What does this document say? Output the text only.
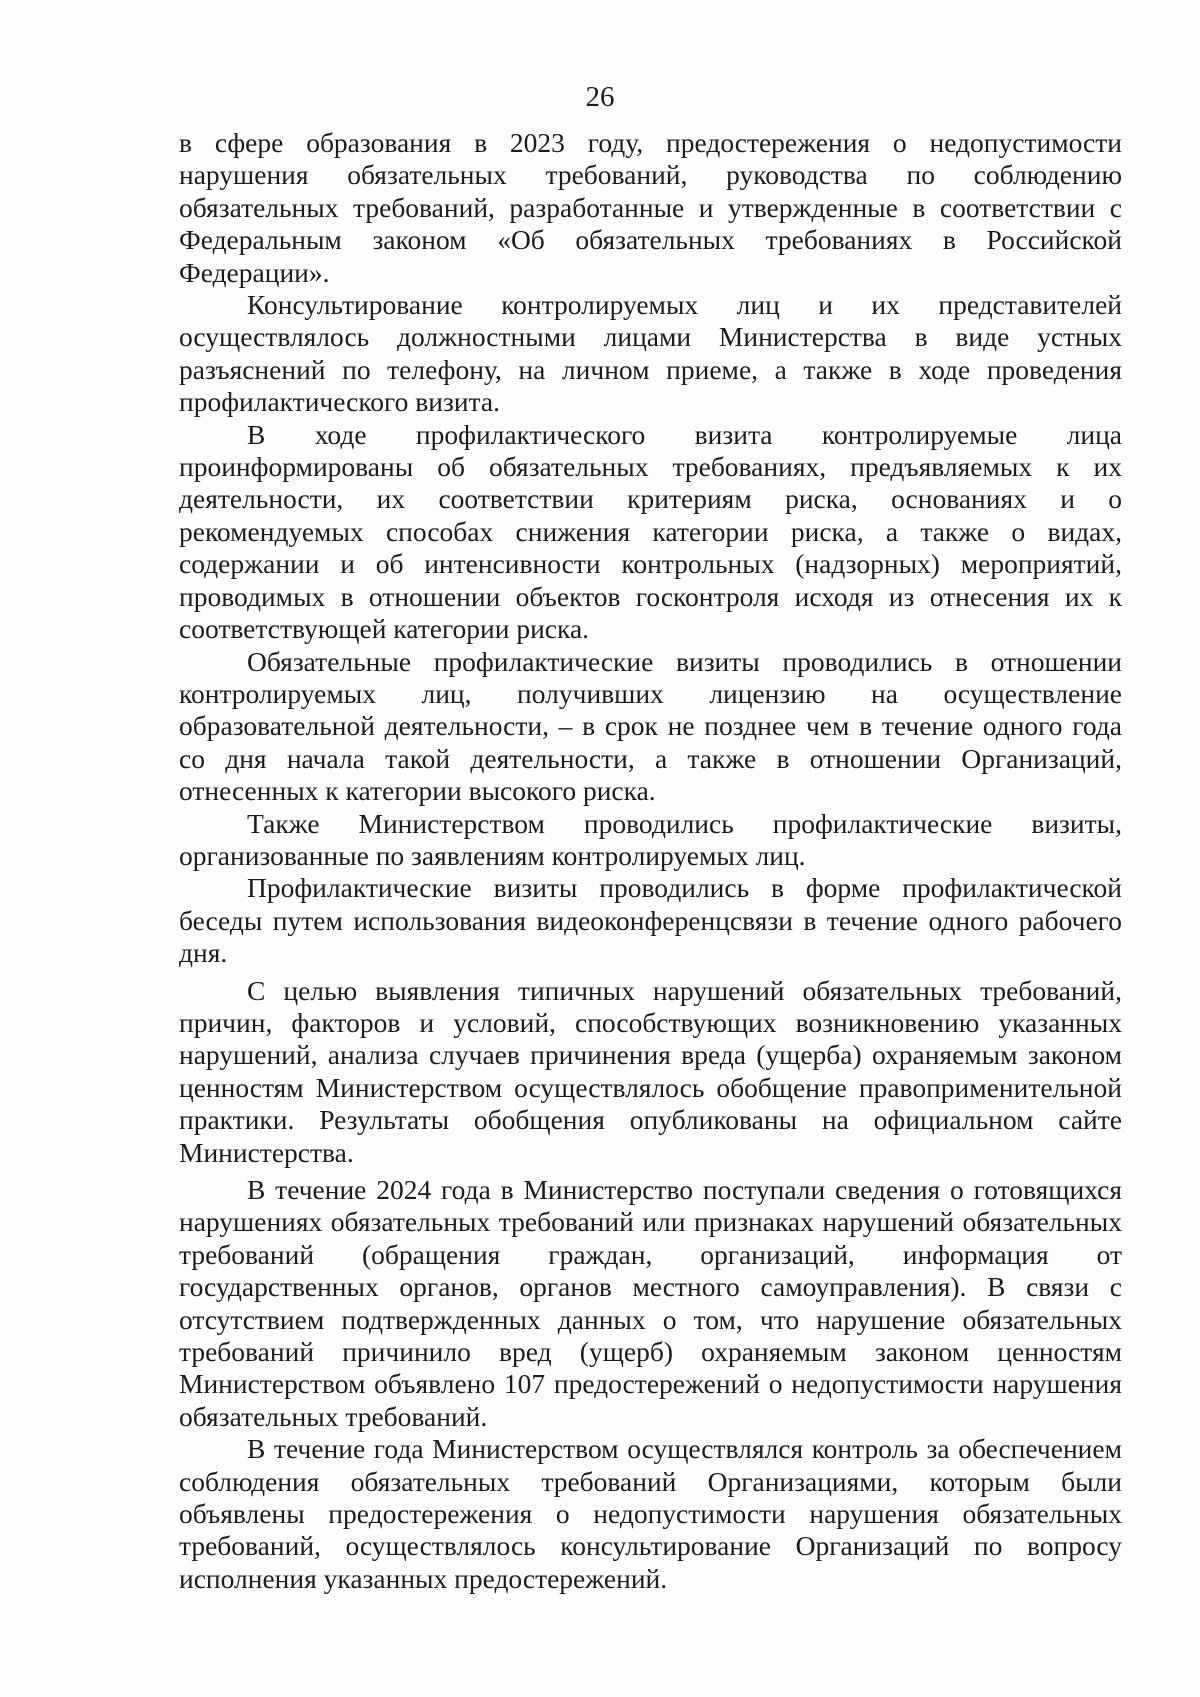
26

в сфере образования в 2023 году, предостережения о недопустимости нарушения обязательных требований, руководства по соблюдению обязательных требований, разработанные и утвержденные в соответствии с Федеральным законом «Об обязательных требованиях в Российской Федерации».

Консультирование контролируемых лиц и их представителей осуществлялось должностными лицами Министерства в виде устных разъяснений по телефону, на личном приеме, а также в ходе проведения профилактического визита.

В ходе профилактического визита контролируемые лица проинформированы об обязательных требованиях, предъявляемых к их деятельности, их соответствии критериям риска, основаниях и о рекомендуемых способах снижения категории риска, а также о видах, содержании и об интенсивности контрольных (надзорных) мероприятий, проводимых в отношении объектов госконтроля исходя из отнесения их к соответствующей категории риска.

Обязательные профилактические визиты проводились в отношении контролируемых лиц, получивших лицензию на осуществление образовательной деятельности, – в срок не позднее чем в течение одного года со дня начала такой деятельности, а также в отношении Организаций, отнесенных к категории высокого риска.

Также Министерством проводились профилактические визиты, организованные по заявлениям контролируемых лиц.

Профилактические визиты проводились в форме профилактической беседы путем использования видеоконференцсвязи в течение одного рабочего дня.

С целью выявления типичных нарушений обязательных требований, причин, факторов и условий, способствующих возникновению указанных нарушений, анализа случаев причинения вреда (ущерба) охраняемым законом ценностям Министерством осуществлялось обобщение правоприменительной практики. Результаты обобщения опубликованы на официальном сайте Министерства.

В течение 2024 года в Министерство поступали сведения о готовящихся нарушениях обязательных требований или признаках нарушений обязательных требований (обращения граждан, организаций, информация от государственных органов, органов местного самоуправления). В связи с отсутствием подтвержденных данных о том, что нарушение обязательных требований причинило вред (ущерб) охраняемым законом ценностям Министерством объявлено 107 предостережений о недопустимости нарушения обязательных требований.

В течение года Министерством осуществлялся контроль за обеспечением соблюдения обязательных требований Организациями, которым были объявлены предостережения о недопустимости нарушения обязательных требований, осуществлялось консультирование Организаций по вопросу исполнения указанных предостережений.
